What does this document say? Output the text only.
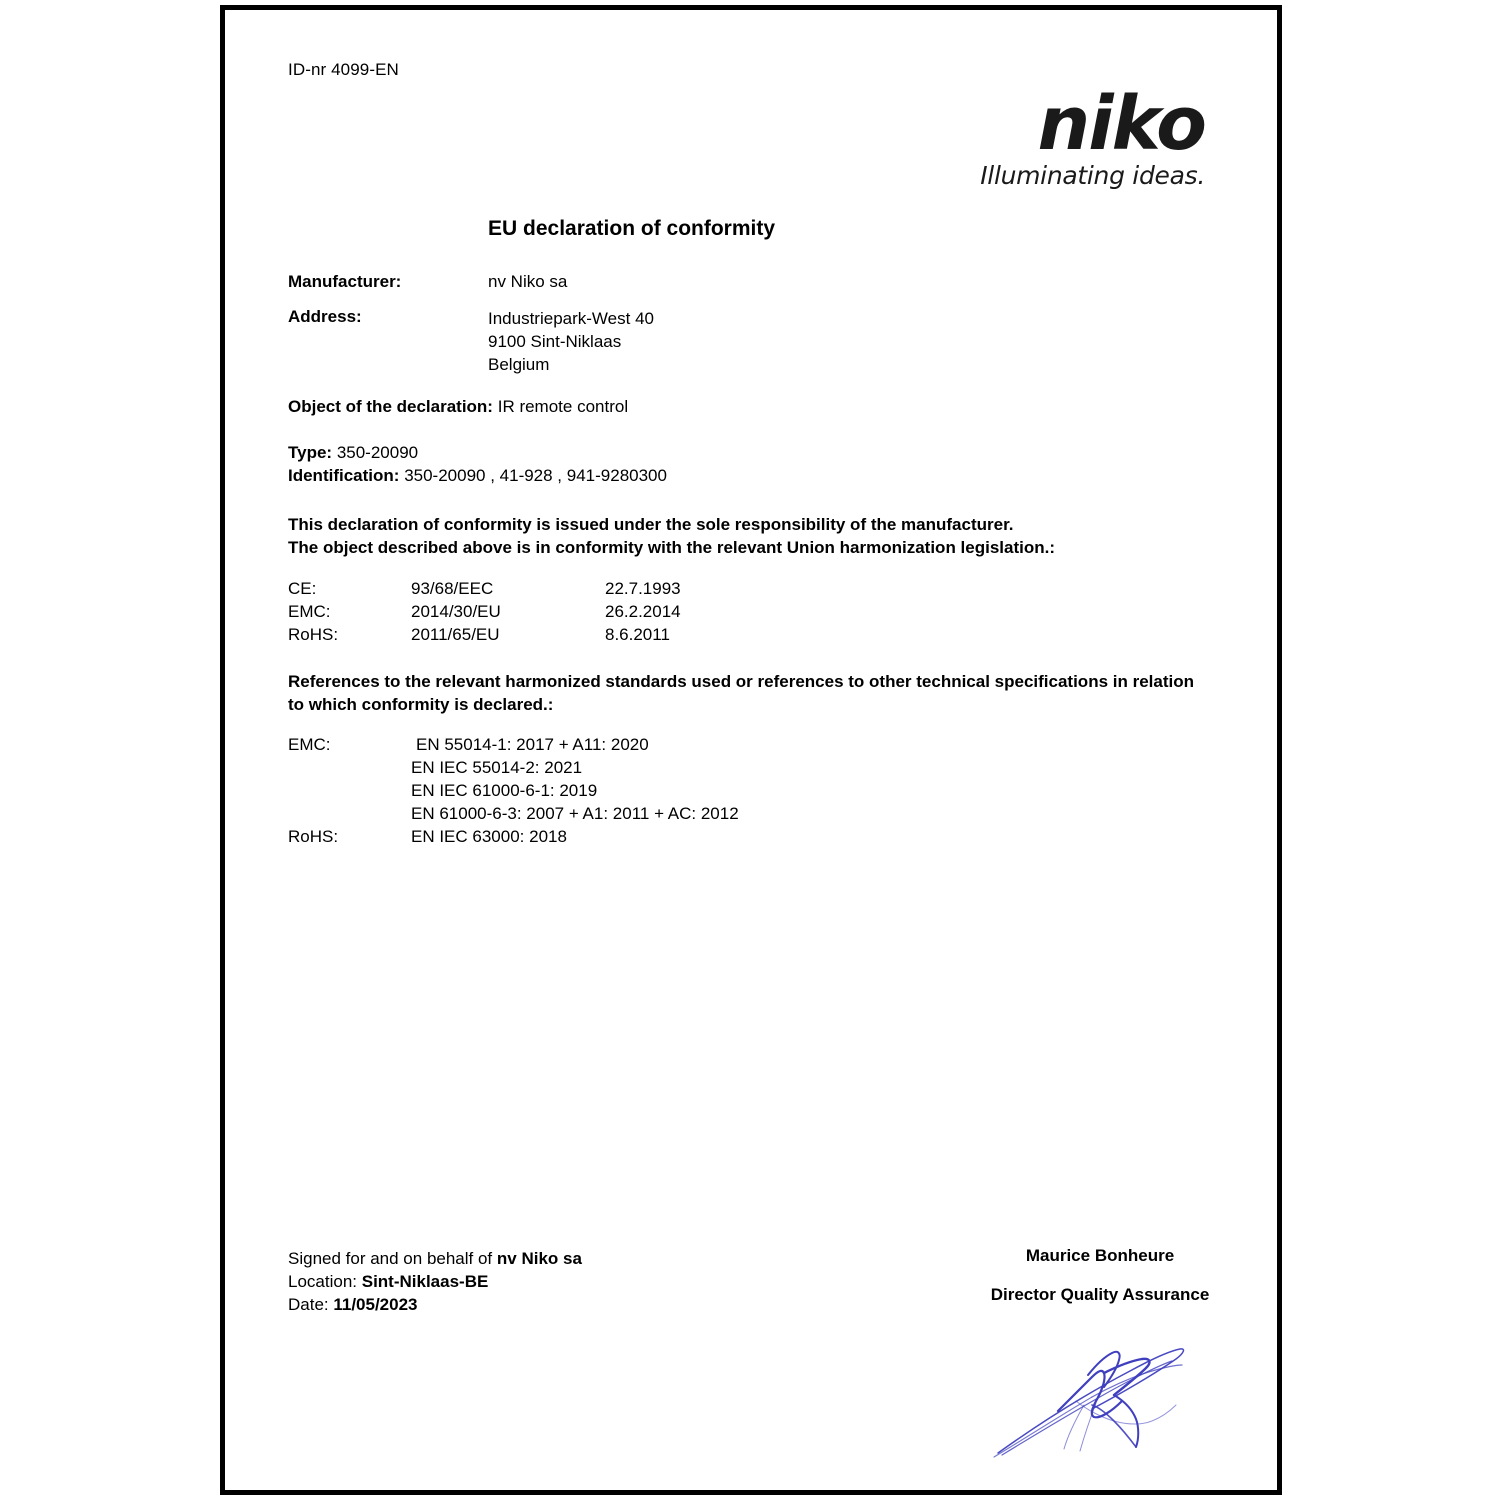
ID-nr 4099-EN
niko
Illuminating ideas.
EU declaration of conformity
Manufacturer:	nv Niko sa
Address:	Industriepark-West 40
9100 Sint-Niklaas
Belgium
Object of the declaration: IR remote control
Type: 350-20090
Identification: 350-20090 , 41-928 , 941-9280300
This declaration of conformity is issued under the sole responsibility of the manufacturer.
The object described above is in conformity with the relevant Union harmonization legislation.:
CE:	93/68/EEC	22.7.1993
EMC:	2014/30/EU	26.2.2014
RoHS:	2011/65/EU	8.6.2011
References to the relevant harmonized standards used or references to other technical specifications in relation
to which conformity is declared.:
EMC:	EN 55014-1: 2017 + A11: 2020
EN IEC 55014-2: 2021
EN IEC 61000-6-1: 2019
EN 61000-6-3: 2007 + A1: 2011 + AC: 2012
RoHS:	EN IEC 63000: 2018
Signed for and on behalf of nv Niko sa
Location: Sint-Niklaas-BE
Date: 11/05/2023
Maurice Bonheure
Director Quality Assurance
